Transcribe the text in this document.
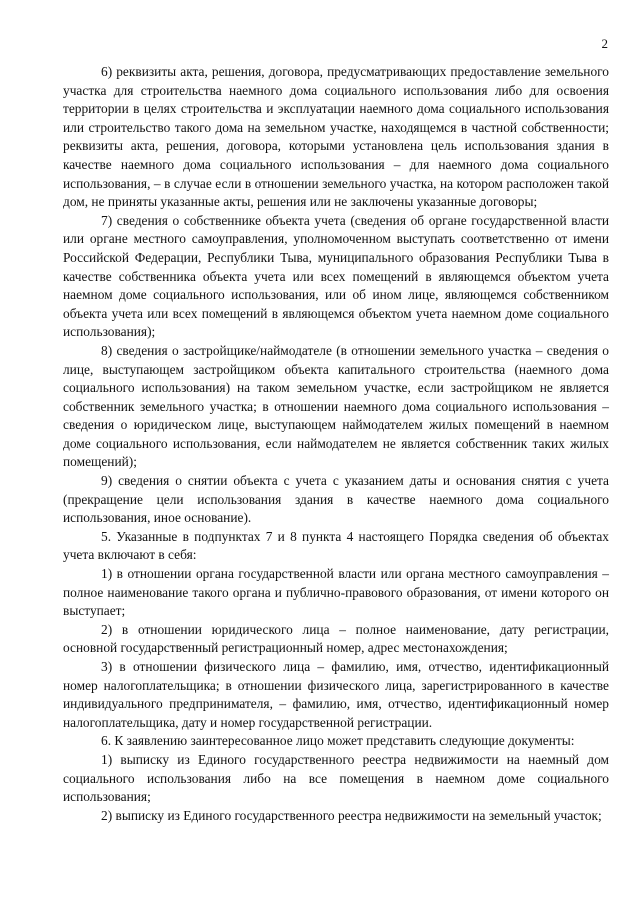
2

6) реквизиты акта, решения, договора, предусматривающих предоставление земельного участка для строительства наемного дома социального использования либо для освоения территории в целях строительства и эксплуатации наемного дома социального использования или строительство такого дома на земельном участке, находящемся в частной собственности; реквизиты акта, решения, договора, которыми установлена цель использования здания в качестве наемного дома социального использования – для наемного дома социального использования, – в случае если в отношении земельного участка, на котором расположен такой дом, не приняты указанные акты, решения или не заключены указанные договоры;

7) сведения о собственнике объекта учета (сведения об органе государственной власти или органе местного самоуправления, уполномоченном выступать соответственно от имени Российской Федерации, Республики Тыва, муниципального образования Республики Тыва в качестве собственника объекта учета или всех помещений в являющемся объектом учета наемном доме социального использования, или об ином лице, являющемся собственником объекта учета или всех помещений в являющемся объектом учета наемном доме социального использования);

8) сведения о застройщике/наймодателе (в отношении земельного участка – сведения о лице, выступающем застройщиком объекта капитального строительства (наемного дома социального использования) на таком земельном участке, если застройщиком не является собственник земельного участка; в отношении наемного дома социального использования – сведения о юридическом лице, выступающем наймодателем жилых помещений в наемном доме социального использования, если наймодателем не является собственник таких жилых помещений);

9) сведения о снятии объекта с учета с указанием даты и основания снятия с учета (прекращение цели использования здания в качестве наемного дома социального использования, иное основание).

5. Указанные в подпунктах 7 и 8 пункта 4 настоящего Порядка сведения об объектах учета включают в себя:

1) в отношении органа государственной власти или органа местного самоуправления – полное наименование такого органа и публично-правового образования, от имени которого он выступает;

2) в отношении юридического лица – полное наименование, дату регистрации, основной государственный регистрационный номер, адрес местонахождения;

3) в отношении физического лица – фамилию, имя, отчество, идентификационный номер налогоплательщика; в отношении физического лица, зарегистрированного в качестве индивидуального предпринимателя, – фамилию, имя, отчество, идентификационный номер налогоплательщика, дату и номер государственной регистрации.

6. К заявлению заинтересованное лицо может представить следующие документы:

1) выписку из Единого государственного реестра недвижимости на наемный дом социального использования либо на все помещения в наемном доме социального использования;

2) выписку из Единого государственного реестра недвижимости на земельный участок;
